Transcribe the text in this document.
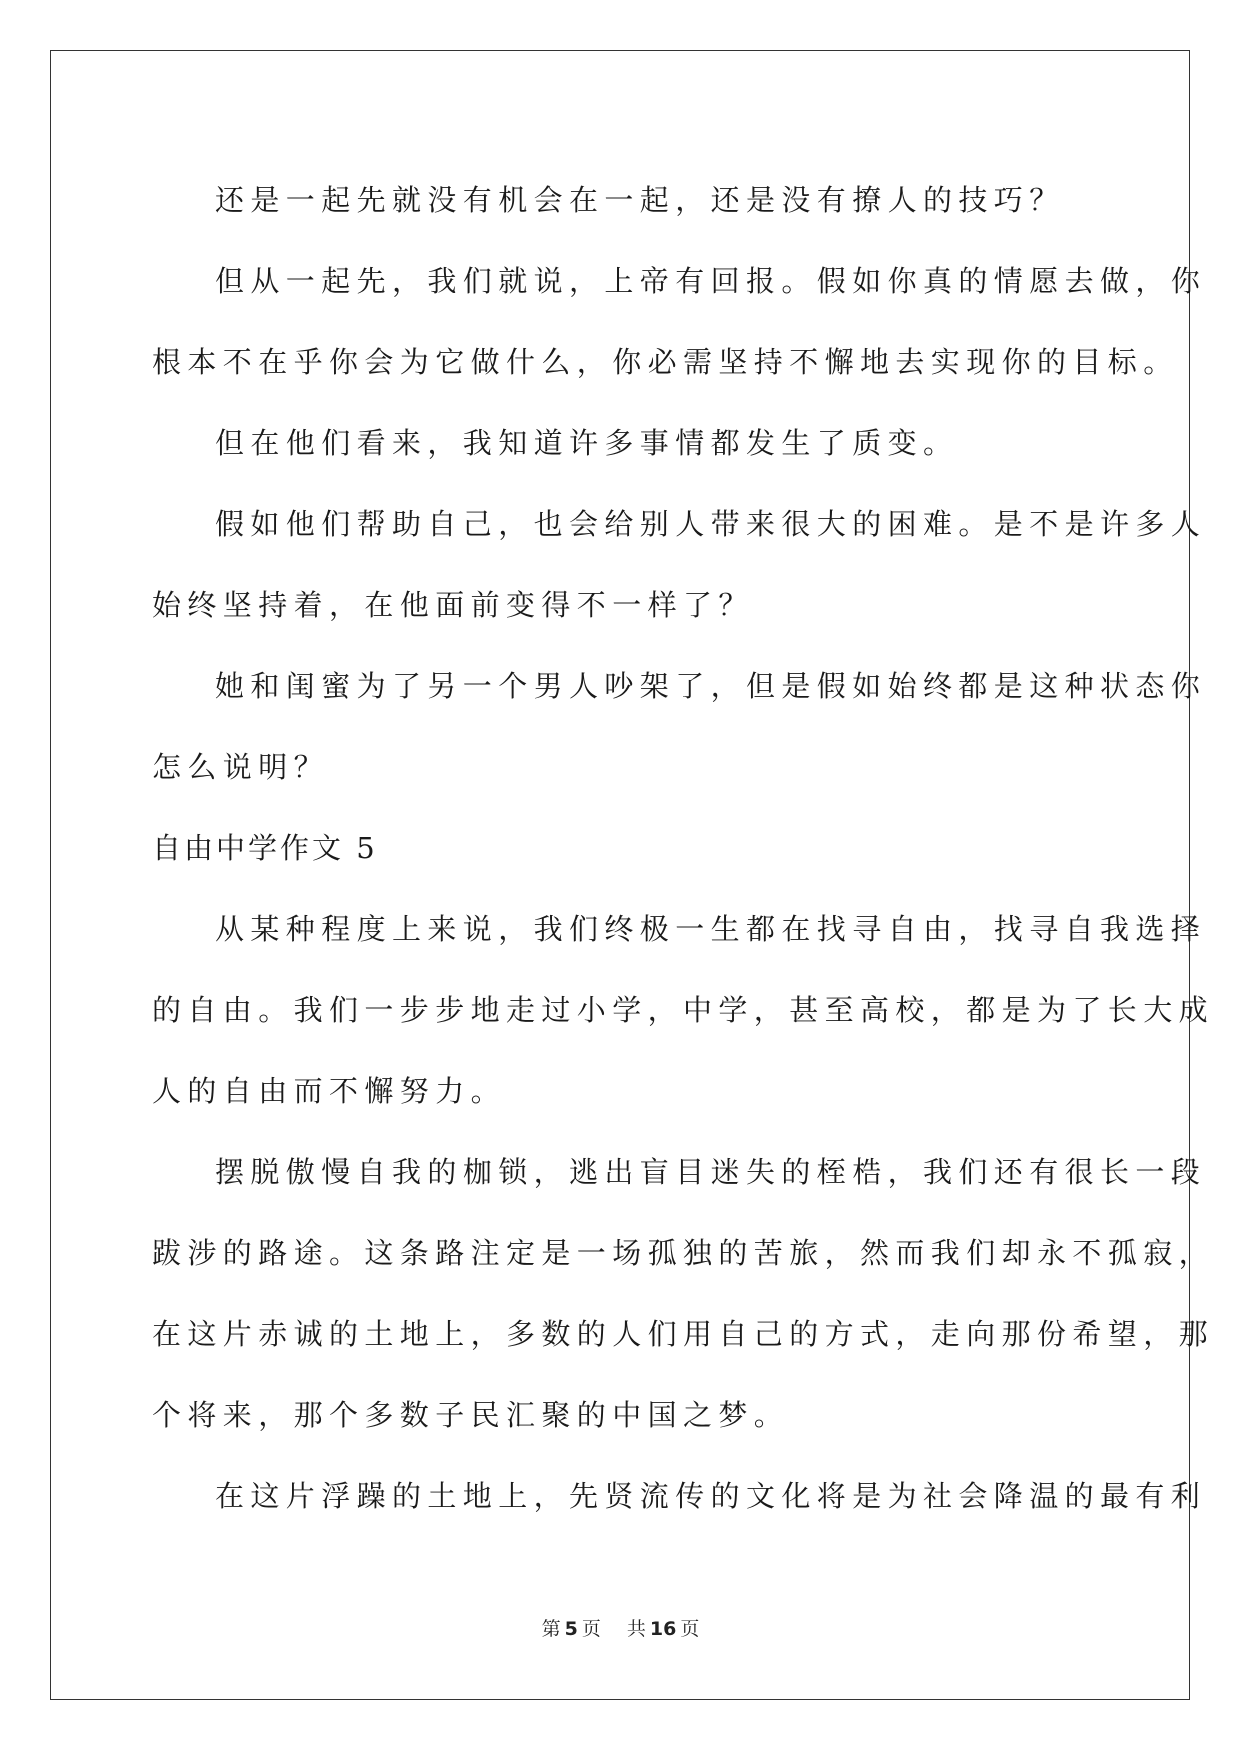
还是一起先就没有机会在一起，还是没有撩人的技巧？
但从一起先，我们就说，上帝有回报。假如你真的情愿去做，你
根本不在乎你会为它做什么，你必需坚持不懈地去实现你的目标。
但在他们看来，我知道许多事情都发生了质变。
假如他们帮助自己，也会给别人带来很大的困难。是不是许多人
始终坚持着，在他面前变得不一样了？
她和闺蜜为了另一个男人吵架了，但是假如始终都是这种状态你
怎么说明？
自由中学作文 5
从某种程度上来说，我们终极一生都在找寻自由，找寻自我选择
的自由。我们一步步地走过小学，中学，甚至高校，都是为了长大成
人的自由而不懈努力。
摆脱傲慢自我的枷锁，逃出盲目迷失的桎梏，我们还有很长一段
跋涉的路途。这条路注定是一场孤独的苦旅，然而我们却永不孤寂，
在这片赤诚的土地上，多数的人们用自己的方式，走向那份希望，那
个将来，那个多数子民汇聚的中国之梦。
在这片浮躁的土地上，先贤流传的文化将是为社会降温的最有利
第 5 页 共 16 页
